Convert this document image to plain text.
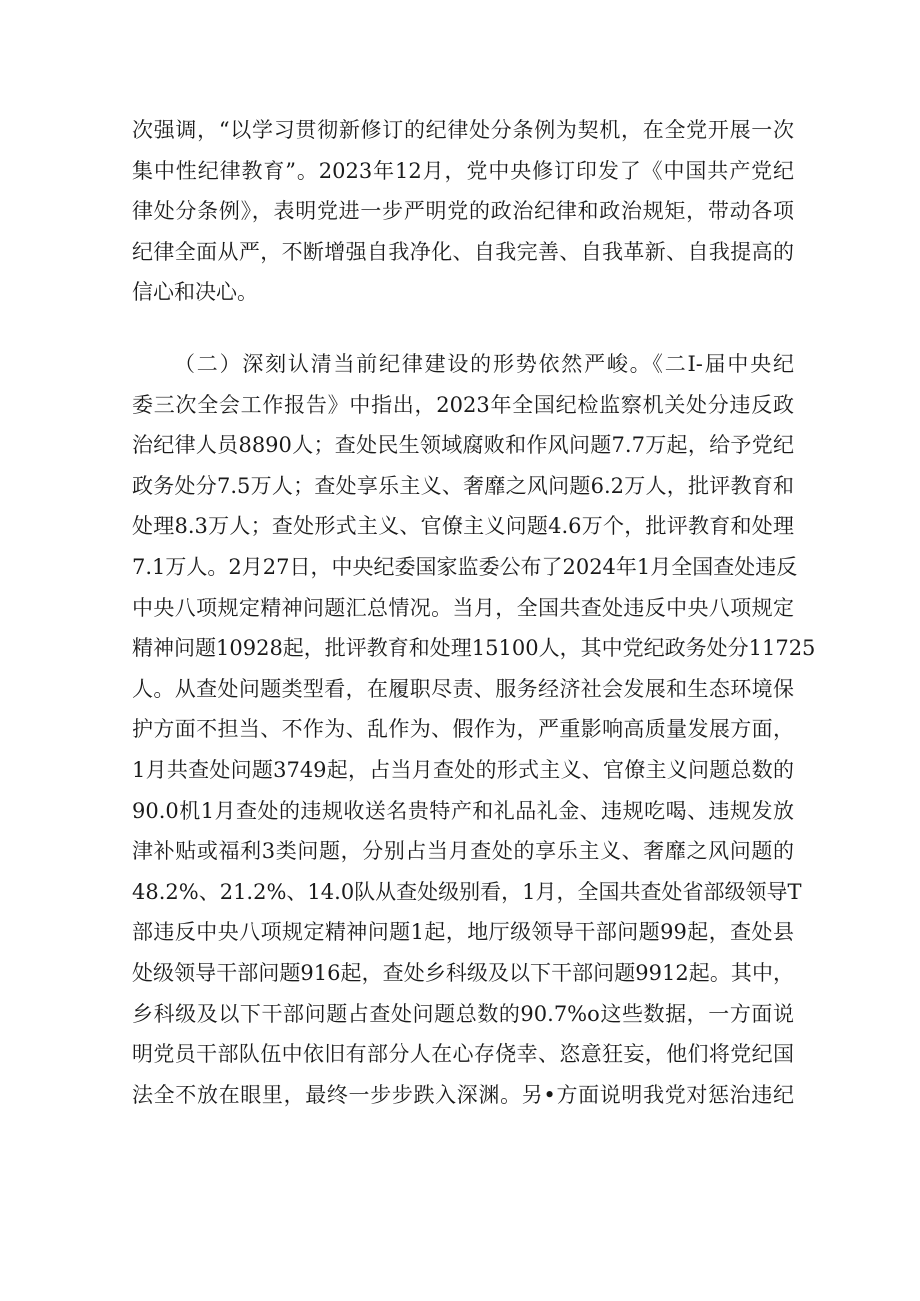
次强调，“以学习贯彻新修订的纪律处分条例为契机，在全党开展一次
集中性纪律教育”。2023年12月，党中央修订印发了《中国共产党纪
律处分条例》，表明党进一步严明党的政治纪律和政治规矩，带动各项
纪律全面从严，不断增强自我净化、自我完善、自我革新、自我提高的
信心和决心。
（二）深刻认清当前纪律建设的形势依然严峻。《二I-届中央纪
委三次全会工作报告》中指出，2023年全国纪检监察机关处分违反政
治纪律人员8890人；查处民生领域腐败和作风问题7.7万起，给予党纪
政务处分7.5万人；查处享乐主义、奢靡之风问题6.2万人，批评教育和
处理8.3万人；查处形式主义、官僚主义问题4.6万个，批评教育和处理
7.1万人。2月27日，中央纪委国家监委公布了2024年1月全国查处违反
中央八项规定精神问题汇总情况。当月，全国共查处违反中央八项规定
精神问题10928起，批评教育和处理15100人，其中党纪政务处分11725
人。从查处问题类型看，在履职尽责、服务经济社会发展和生态环境保
护方面不担当、不作为、乱作为、假作为，严重影响高质量发展方面，
1月共查处问题3749起，占当月查处的形式主义、官僚主义问题总数的
90.0机1月查处的违规收送名贵特产和礼品礼金、违规吃喝、违规发放
津补贴或福利3类问题，分别占当月查处的享乐主义、奢靡之风问题的
48.2%、21.2%、14.0队从查处级别看，1月，全国共查处省部级领导T
部违反中央八项规定精神问题1起，地厅级领导干部问题99起，查处县
处级领导干部问题916起，查处乡科级及以下干部问题9912起。其中，
乡科级及以下干部问题占查处问题总数的90.7%o这些数据，一方面说
明党员干部队伍中依旧有部分人在心存侥幸、恣意狂妄，他们将党纪国
法全不放在眼里，最终一步步跌入深渊。另•方面说明我党对惩治违纪
